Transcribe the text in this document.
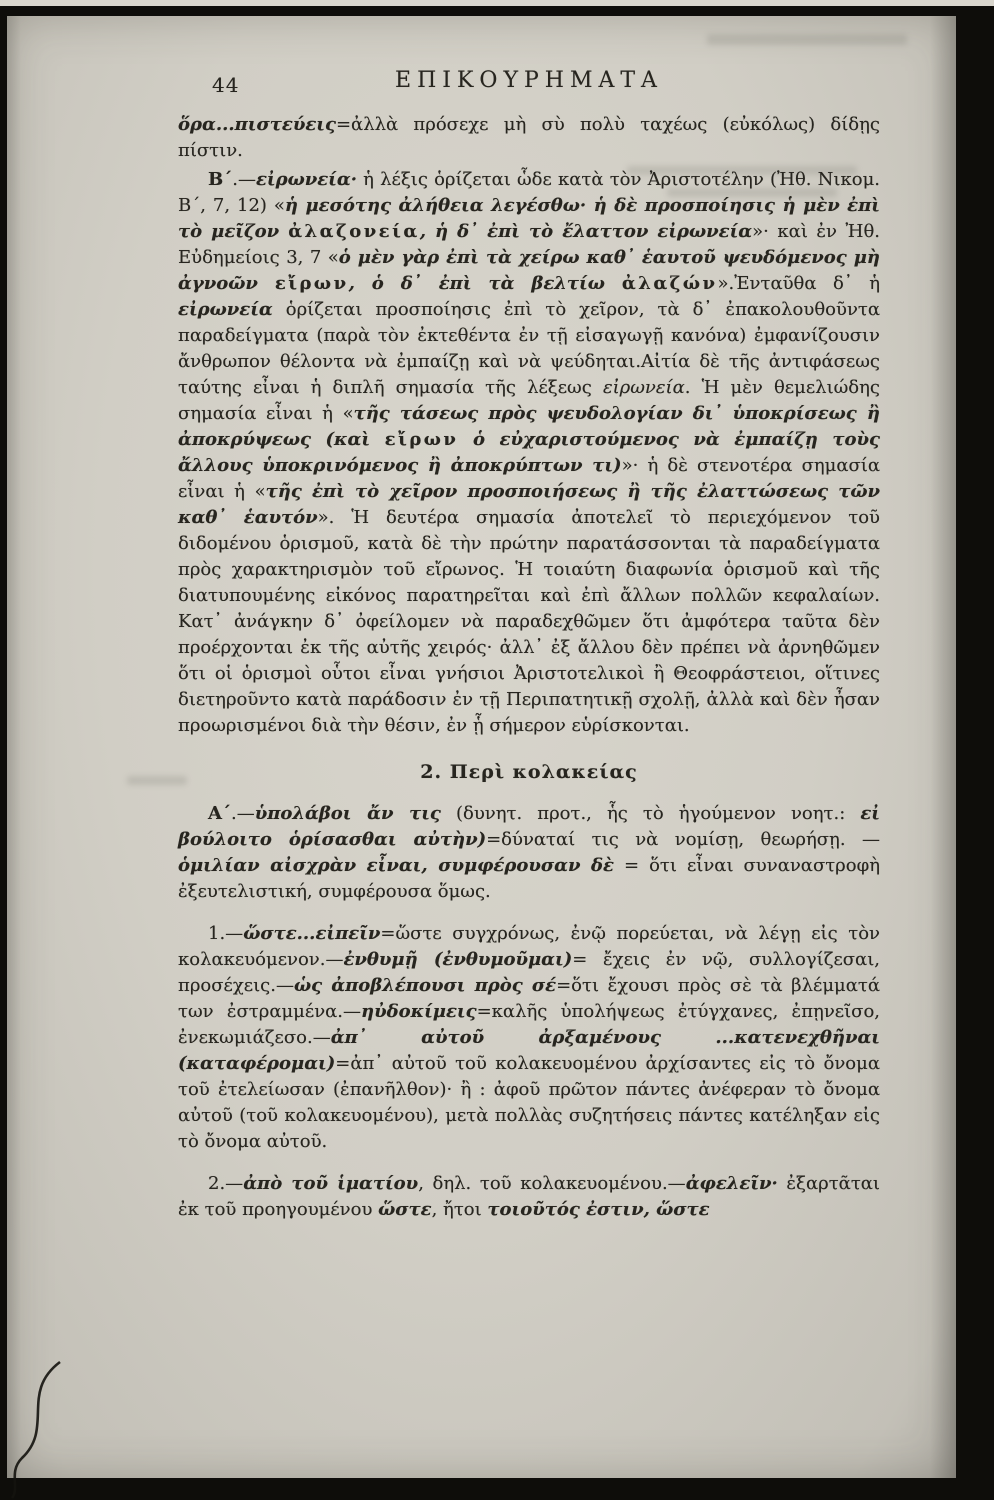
44	ΕΠΙΚΟΥΡΗΜΑΤΑ

ὅρα...πιστεύεις=ἀλλὰ πρόσεχε μὴ σὺ πολὺ ταχέως (εὐκόλως) δίδῃς πίστιν.

Β΄.—εἰρωνεία· ἡ λέξις ὁρίζεται ὧδε κατὰ τὸν Ἀριστοτέλην (Ἠθ. Νικομ. Β΄, 7, 12) «ἡ μεσότης ἀλήθεια λεγέσθω· ἡ δὲ προσποίησις ἡ μὲν ἐπὶ τὸ μεῖζον ἀλαζονεία, ἡ δ᾽ ἐπὶ τὸ ἔλαττον εἰρωνεία»· καὶ ἐν Ἠθ. Εὐδημείοις 3, 7 «ὁ μὲν γὰρ ἐπὶ τὰ χείρω καθ᾽ ἑαυτοῦ ψευδόμενος μὴ ἀγνοῶν εἴρων, ὁ δ᾽ ἐπὶ τὰ βελτίω ἀλαζών».Ἐνταῦθα δ᾽ ἡ εἰρωνεία ὁρίζεται προσποίησις ἐπὶ τὸ χεῖρον, τὰ δ᾽ ἐπακολουθοῦντα παραδείγματα (παρὰ τὸν ἐκτεθέντα ἐν τῇ εἰσαγωγῇ κανόνα) ἐμφανίζουσιν ἄνθρωπον θέλοντα νὰ ἐμπαίζῃ καὶ νὰ ψεύδηται.Αἰτία δὲ τῆς ἀντιφάσεως ταύτης εἶναι ἡ διπλῆ σημασία τῆς λέξεως εἰρωνεία. Ἡ μὲν θεμελιώδης σημασία εἶναι ἡ «τῆς τάσεως πρὸς ψευδολογίαν δι᾽ ὑποκρίσεως ἢ ἀποκρύψεως (καὶ εἴρων ὁ εὐχαριστούμενος νὰ ἐμπαίζῃ τοὺς ἄλλους ὑποκρινόμενος ἢ ἀποκρύπτων τι)»· ἡ δὲ στενοτέρα σημασία εἶναι ἡ «τῆς ἐπὶ τὸ χεῖρον προσποιήσεως ἢ τῆς ἐλαττώσεως τῶν καθ᾽ ἑαυτόν». Ἡ δευτέρα σημασία ἀποτελεῖ τὸ περιεχόμενον τοῦ διδομένου ὁρισμοῦ, κατὰ δὲ τὴν πρώτην παρατάσσονται τὰ παραδείγματα πρὸς χαρακτηρισμὸν τοῦ εἴρωνος. Ἡ τοιαύτη διαφωνία ὁρισμοῦ καὶ τῆς διατυπουμένης εἰκόνος παρατηρεῖται καὶ ἐπὶ ἄλλων πολλῶν κεφαλαίων. Κατ᾽ ἀνάγκην δ᾽ ὀφείλομεν νὰ παραδεχθῶμεν ὅτι ἀμφότερα ταῦτα δὲν προέρχονται ἐκ τῆς αὐτῆς χειρός· ἀλλ᾽ ἐξ ἄλλου δὲν πρέπει νὰ ἀρνηθῶμεν ὅτι οἱ ὁρισμοὶ οὗτοι εἶναι γνήσιοι Ἀριστοτελικοὶ ἢ Θεοφράστειοι, οἵτινες διετηροῦντο κατὰ παράδοσιν ἐν τῇ Περιπατητικῇ σχολῇ, ἀλλὰ καὶ δὲν ἦσαν προωρισμένοι διὰ τὴν θέσιν, ἐν ᾗ σήμερον εὑρίσκονται.

2. Περὶ κολακείας

Α΄.—ὑπολάβοι ἄν τις (δυνητ. προτ., ἧς τὸ ἡγούμενον νοητ.: εἰ βούλοιτο ὁρίσασθαι αὐτὴν)=δύναταί τις νὰ νομίσῃ, θεωρήσῃ. — ὁμιλίαν αἰσχρὰν εἶναι, συμφέρουσαν δὲ = ὅτι εἶναι συναναστροφὴ ἐξευτελιστική, συμφέρουσα ὅμως.

1.—ὥστε...εἰπεῖν=ὥστε συγχρόνως, ἐνῷ πορεύεται, νὰ λέγῃ εἰς τὸν κολακευόμενον.—ἐνθυμῇ (ἐνθυμοῦμαι)= ἔχεις ἐν νῷ, συλλογίζεσαι, προσέχεις.—ὡς ἀποβλέπουσι πρὸς σέ=ὅτι ἔχουσι πρὸς σὲ τὰ βλέμματά των ἐστραμμένα.—ηὐδοκίμεις=καλῆς ὑπολήψεως ἐτύγχανες, ἐπῃνεῖσο, ἐνεκωμιάζεσο.—ἀπ᾽ αὐτοῦ ἀρξαμένους ...κατενεχθῆναι (καταφέρομαι)=ἀπ᾽ αὐτοῦ τοῦ κολακευομένου ἀρχίσαντες εἰς τὸ ὄνομα τοῦ ἐτελείωσαν (ἐπανῆλθον)· ἢ : ἀφοῦ πρῶτον πάντες ἀνέφεραν τὸ ὄνομα αὐτοῦ (τοῦ κολακευομένου), μετὰ πολλὰς συζητήσεις πάντες κατέληξαν εἰς τὸ ὄνομα αὐτοῦ.

2.—ἀπὸ τοῦ ἱματίου, δηλ. τοῦ κολακευομένου.—ἀφελεῖν· ἐξαρτᾶται ἐκ τοῦ προηγουμένου ὥστε, ἤτοι τοιοῦτός ἐστιν, ὥστε
